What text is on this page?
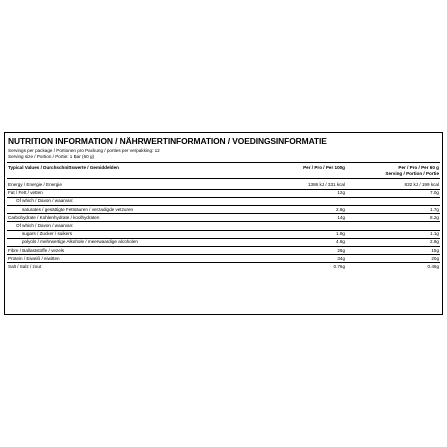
NUTRITION INFORMATION / NÄHRWERTINFORMATION / VOEDINGSINFORMATIE
Servings per package / Portionen pro Packung / porties per verpakking: 12
Serving size / Portion / Portie: 1 Bar (60 g)
Typical Values / Durchschnittswerte / Gemiddelden	Per / Pro / Per 100g	Per / Pro / Per 60 g
Serving / Portion / Portie
Energy / Energie / Energie	1386 kJ / 331 kcal	832 kJ / 199 kcal
Fat / Fett / vetten	12g	7.0g
Of which / Davon / waarvan:
saturates / gesättigte Fettsäuren / verzadigde vetzuren	2.8g	1.7g
Carbohydrate / Kohlenhydrate / koolhydraten	14g	8.2g
Of which / Davon / waarvan:
sugars / Zucker / suikers	1.9g	1.1g
polyols / mehrwertige Alkohole / meerwaardige alcoholen	4.8g	2.9g
Fibre / Ballaststoffe / vezels	26g	15g
Protein / Eiweiß / eiwitten	34g	20g
Salt / Salz / zout	0.76g	0.46g
